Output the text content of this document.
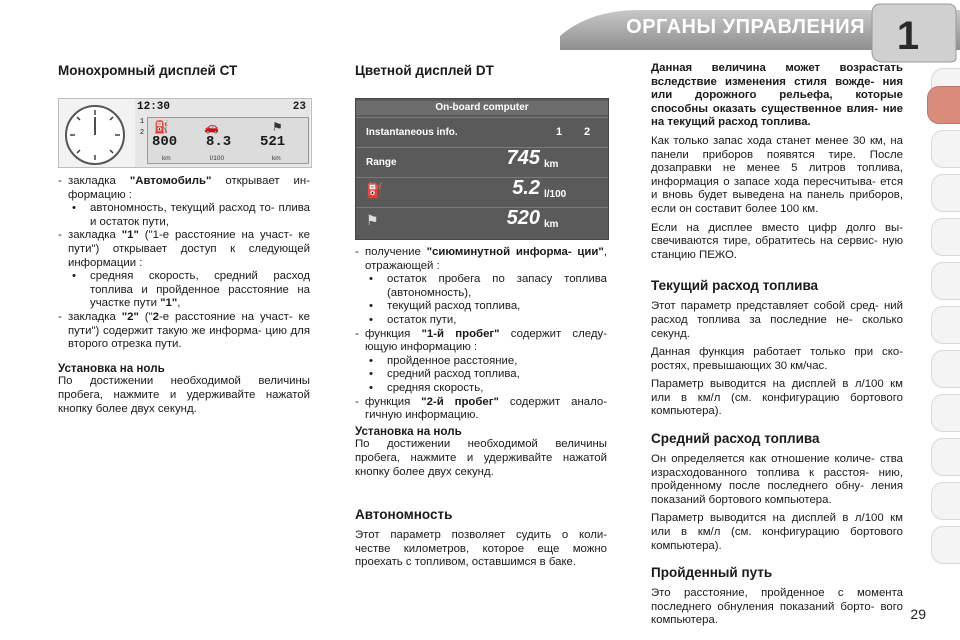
ОРГАНЫ УПРАВЛЕНИЯ 1
Монохромный дисплей СТ
12:30	23
1
2 ⛽	🚗	⚑
800 8.3 521
km	l/100	km
- закладка "Автомобиль" открывает ин- формацию :
• автономность, текущий расход то- плива и остаток пути,
- закладка "1" ("1-е расстояние на участ- ке пути") открывает доступ к следующей информации :
• средняя скорость, средний расход топлива и пройденное расстояние на участке пути "1",
- закладка "2" ("2-е расстояние на участ- ке пути") содержит такую же информа- цию для второго отрезка пути.
Установка на ноль

По достижении необходимой величины пробега, нажмите и удерживайте нажатой кнопку более двух секунд.

Цветной дисплей DT
On-board computer
Instantaneous info.	1 2
Range	745 km
⛽	5.2 l/100
⚑	520 km
- получение "сиюминутной информа- ции", отражающей :
• остаток пробега по запасу топлива (автономность),
• текущий расход топлива,
• остаток пути,
- функция "1-й пробег" содержит следу- ющую информацию :
• пройденное расстояние,
• средний расход топлива,
• средняя скорость,
- функция "2-й пробег" содержит анало- гичную информацию.
Установка на ноль

По достижении необходимой величины пробега, нажмите и удерживайте нажатой кнопку более двух секунд.

Автономность

Этот параметр позволяет судить о коли- честве километров, которое еще можно проехать с топливом, оставшимся в баке.

Данная величина может возрастать вследствие изменения стиля вожде- ния или дорожного рельефа, которые способны оказать существенное влия- ние на текущий расход топлива.

Как только запас хода станет менее 30 км, на панели приборов появятся тире. После дозаправки не менее 5 литров топлива, информация о запасе хода пересчитыва- ется и вновь будет выведена на панель приборов, если он составит более 100 км.

Если на дисплее вместо цифр долго вы- свечиваются тире, обратитесь на сервис- ную станцию ПЕЖО.

Текущий расход топлива

Этот параметр представляет собой сред- ний расход топлива за последние не- сколько секунд.

Данная функция работает только при ско- ростях, превышающих 30 км/час.

Параметр выводится на дисплей в л/100 км или в км/л (см. конфигурацию бортового компьютера).

Средний расход топлива

Он определяется как отношение количе- ства израсходованного топлива к расстоя- нию, пройденному после последнего обну- ления показаний бортового компьютера.

Параметр выводится на дисплей в л/100 км или в км/л (см. конфигурацию бортового компьютера).

Пройденный путь

Это расстояние, пройденное с момента последнего обнуления показаний борто- вого компьютера.	29
